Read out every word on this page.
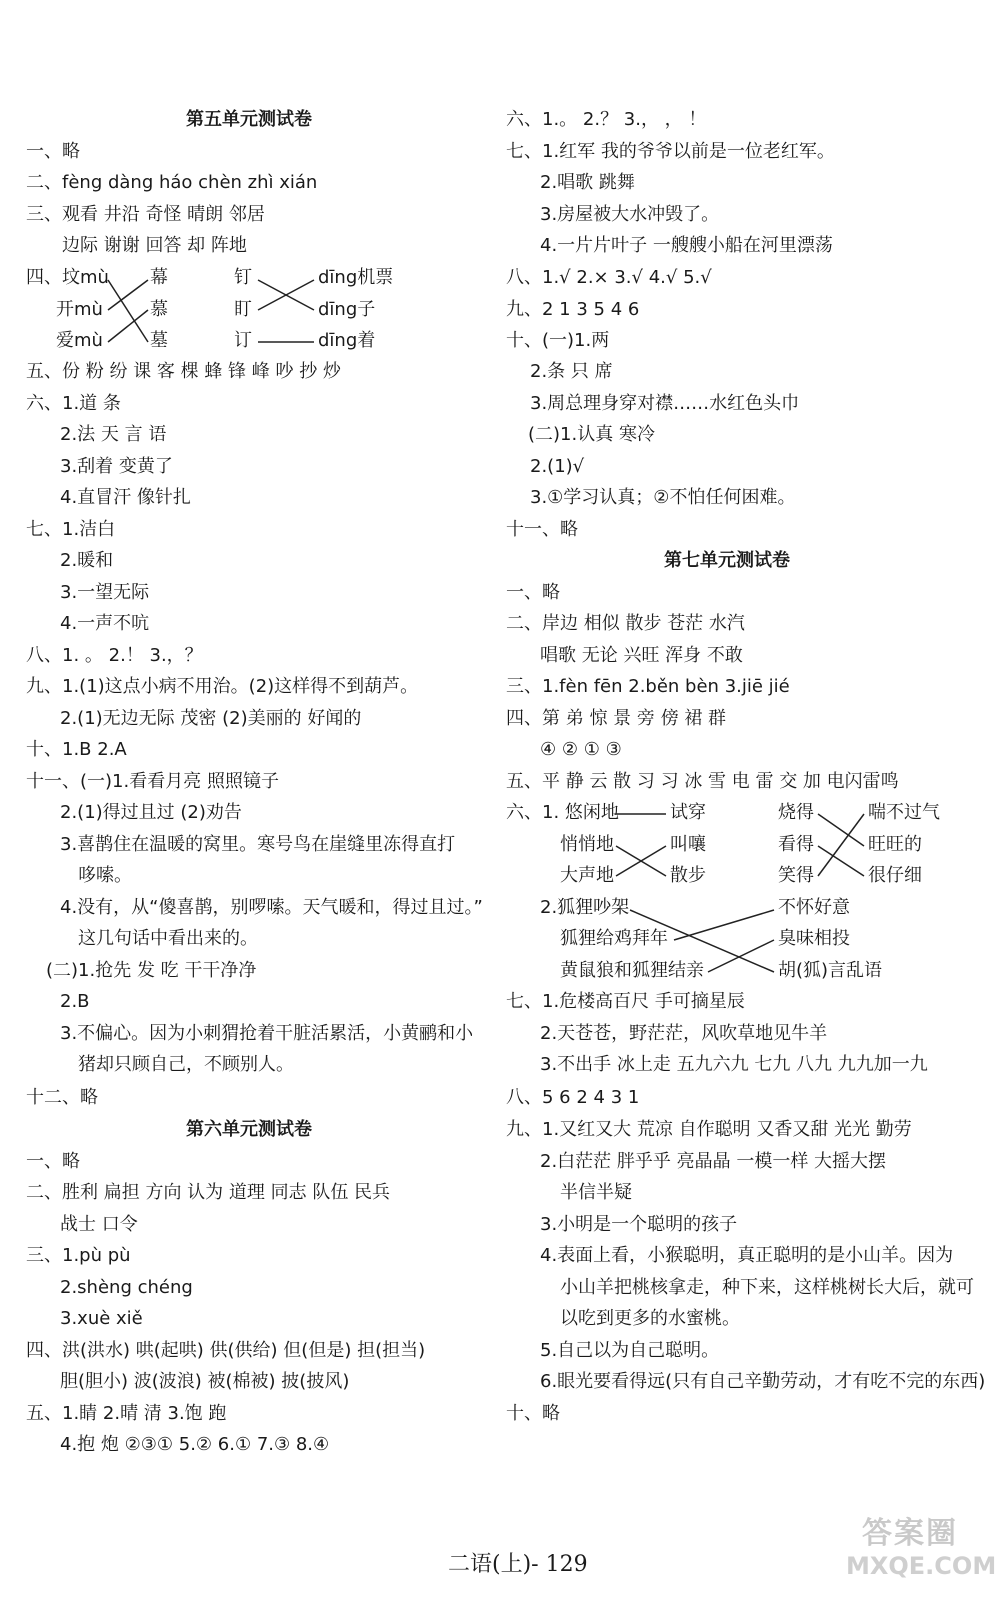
第五单元测试卷
一、略
二、fèng dàng háo chèn zhì xián
三、观看 井沿 奇怪 晴朗 邻居
边际 谢谢 回答 却 阵地
四、坟mù 幕	钉	dīng机票
开mù	慕	盯	dīng子
爱mù	墓	订	dīng着
五、份 粉 纷 课 客 棵 蜂 锋 峰 吵 抄 炒
六、1.道 条
2.法 天 言 语
3.刮着 变黄了
4.直冒汗 像针扎
七、1.洁白
2.暖和
3.一望无际
4.一声不吭
八、1. 。 2.！ 3.，？
九、1.(1)这点小病不用治。(2)这样得不到葫芦。
2.(1)无边无际 茂密 (2)美丽的 好闻的
十、1.B 2.A
十一、(一)1.看看月亮 照照镜子
2.(1)得过且过 (2)劝告
3.喜鹊住在温暖的窝里。寒号鸟在崖缝里冻得直打
哆嗦。
4.没有，从“傻喜鹊，别啰嗦。天气暖和，得过且过。”
这几句话中看出来的。
(二)1.抢先 发 吃 干干净净
2.B
3.不偏心。因为小刺猬抢着干脏活累活，小黄鹂和小
猪却只顾自己，不顾别人。
十二、略
第六单元测试卷
一、略
二、胜利 扁担 方向 认为 道理 同志 队伍 民兵
战士 口令
三、1.pù pù
2.shèng chéng
3.xuè xiě
四、洪(洪水) 哄(起哄) 供(供给) 但(但是) 担(担当)
胆(胆小) 波(波浪) 被(棉被) 披(披风)
五、1.睛 2.晴 清 3.饱 跑
4.抱 炮 ②③① 5.② 6.① 7.③ 8.④
六、1.。 2.？ 3.， ， ！
七、1.红军 我的爷爷以前是一位老红军。
2.唱歌 跳舞
3.房屋被大水冲毁了。
4.一片片叶子 一艘艘小船在河里漂荡
八、1.√ 2.× 3.√ 4.√ 5.√
九、2 1 3 5 4 6
十、(一)1.两
2.条 只 席
3.周总理身穿对襟……水红色头巾
(二)1.认真 寒冷
2.(1)√
3.①学习认真；②不怕任何困难。
十一、略
第七单元测试卷
一、略
二、岸边 相似 散步 苍茫 水汽
唱歌 无论 兴旺 浑身 不敢
三、1.fèn fēn 2.běn bèn 3.jiē jié
四、第 弟 惊 景 旁 傍 裙 群
④ ② ① ③
五、平 静 云 散 习 习 冰 雪 电 雷 交 加 电闪雷鸣
六、1. 悠闲地	试穿	烧得	喘不过气
悄悄地	叫嚷	看得	旺旺的
大声地	散步	笑得	很仔细
2.狐狸吵架	不怀好意
狐狸给鸡拜年	臭味相投
黄鼠狼和狐狸结亲	胡(狐)言乱语
七、1.危楼高百尺 手可摘星辰
2.天苍苍，野茫茫，风吹草地见牛羊
3.不出手 冰上走 五九六九 七九 八九 九九加一九
八、5 6 2 4 3 1
九、1.又红又大 荒凉 自作聪明 又香又甜 光光 勤劳
2.白茫茫 胖乎乎 亮晶晶 一模一样 大摇大摆
半信半疑
3.小明是一个聪明的孩子
4.表面上看，小猴聪明，真正聪明的是小山羊。因为
小山羊把桃核拿走，种下来，这样桃树长大后，就可
以吃到更多的水蜜桃。
5.自己以为自己聪明。
6.眼光要看得远(只有自己辛勤劳动，才有吃不完的东西)
十、略
二语(上)- 129
答案圈
MXQE.COM
